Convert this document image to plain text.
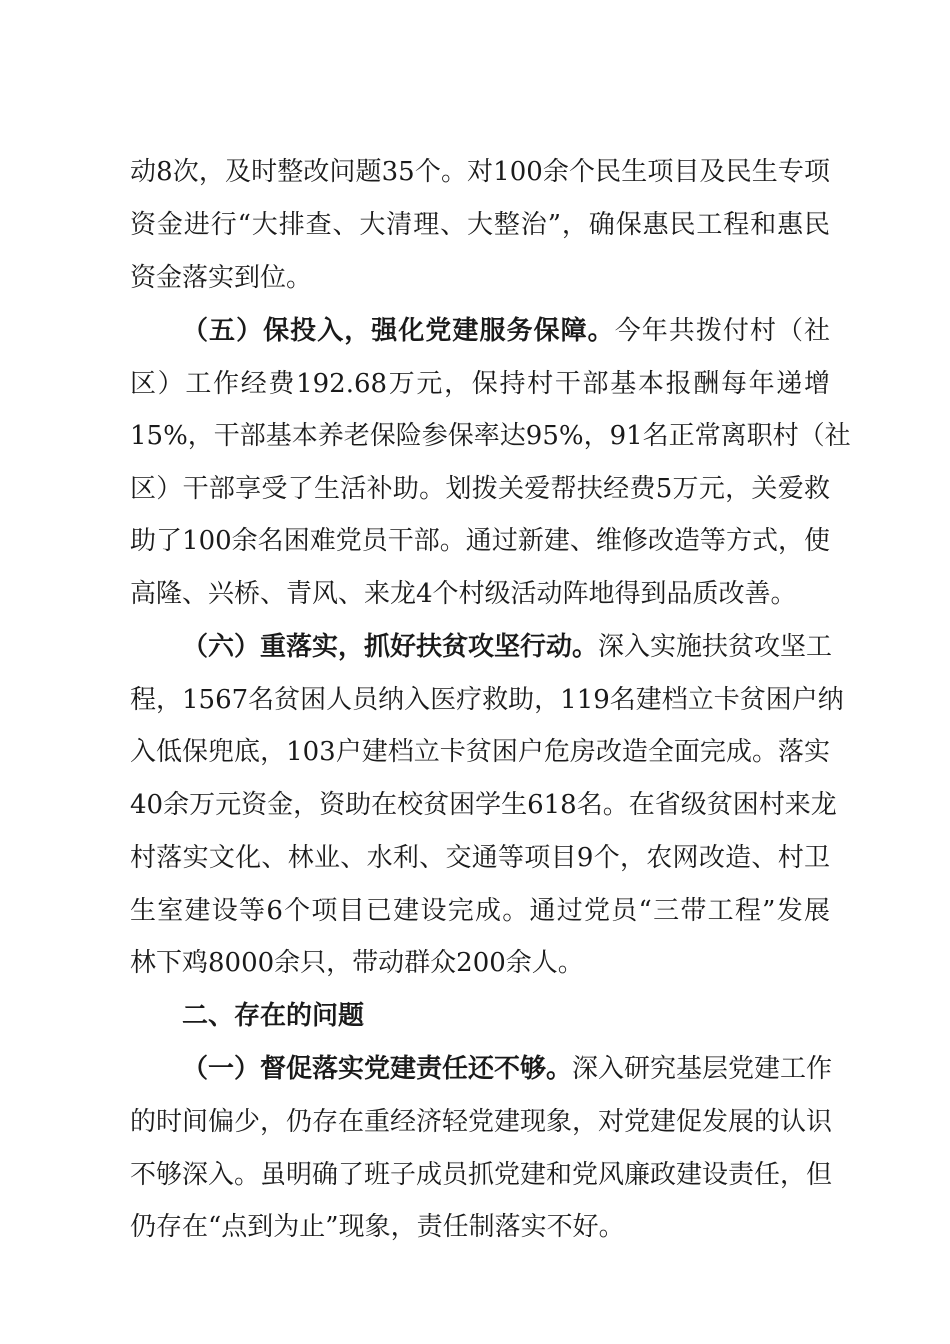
动8次，及时整改问题35个。对100余个民生项目及民生专项
资金进行“大排查、大清理、大整治”，确保惠民工程和惠民
资金落实到位。
（五）保投入，强化党建服务保障。今年共拨付村（社
区）工作经费192.68万元，保持村干部基本报酬每年递增
15%，干部基本养老保险参保率达95%，91名正常离职村（社
区）干部享受了生活补助。划拨关爱帮扶经费5万元，关爱救
助了100余名困难党员干部。通过新建、维修改造等方式，使
高隆、兴桥、青风、来龙4个村级活动阵地得到品质改善。
（六）重落实，抓好扶贫攻坚行动。深入实施扶贫攻坚工
程，1567名贫困人员纳入医疗救助，119名建档立卡贫困户纳
入低保兜底，103户建档立卡贫困户危房改造全面完成。落实
40余万元资金，资助在校贫困学生618名。在省级贫困村来龙
村落实文化、林业、水利、交通等项目9个，农网改造、村卫
生室建设等6个项目已建设完成。通过党员“三带工程”发展
林下鸡8000余只，带动群众200余人。
二、存在的问题
（一）督促落实党建责任还不够。深入研究基层党建工作
的时间偏少，仍存在重经济轻党建现象，对党建促发展的认识
不够深入。虽明确了班子成员抓党建和党风廉政建设责任，但
仍存在“点到为止”现象，责任制落实不好。
